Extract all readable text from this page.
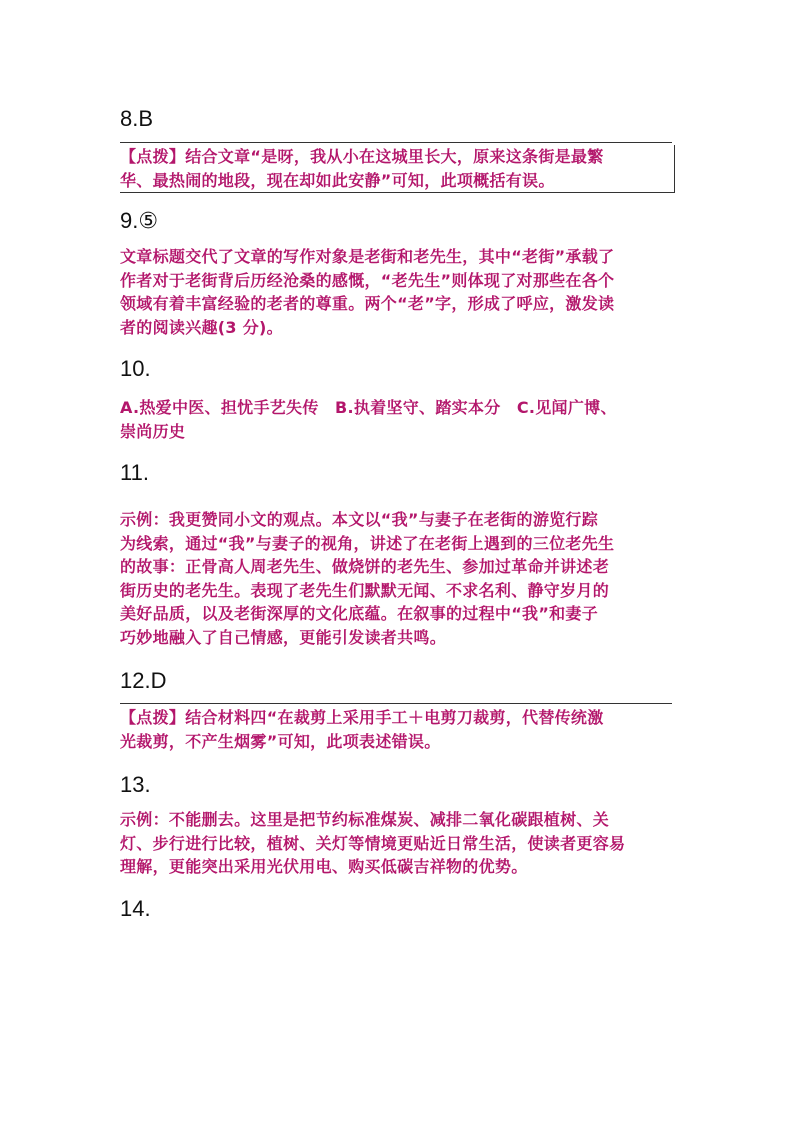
8.B

【点拨】结合文章“是呀，我从小在这城里长大，原来这条街是最繁

华、最热闹的地段，现在却如此安静”可知，此项概括有误。

9.⑤

文章标题交代了文章的写作对象是老街和老先生，其中“老街”承载了

作者对于老街背后历经沧桑的感慨，“老先生”则体现了对那些在各个

领域有着丰富经验的老者的尊重。两个“老”字，形成了呼应，激发读

者的阅读兴趣(3 分)。

10.

A.热爱中医、担忧手艺失传　B.执着坚守、踏实本分　C.见闻广博、

崇尚历史

11.

示例：我更赞同小文的观点。本文以“我”与妻子在老街的游览行踪

为线索，通过“我”与妻子的视角，讲述了在老街上遇到的三位老先生

的故事：正骨高人周老先生、做烧饼的老先生、参加过革命并讲述老

街历史的老先生。表现了老先生们默默无闻、不求名利、静守岁月的

美好品质，以及老街深厚的文化底蕴。在叙事的过程中“我”和妻子

巧妙地融入了自己情感，更能引发读者共鸣。

12.D

【点拨】结合材料四“在裁剪上采用手工＋电剪刀裁剪，代替传统激

光裁剪，不产生烟雾”可知，此项表述错误。

13.

示例：不能删去。这里是把节约标准煤炭、减排二氧化碳跟植树、关

灯、步行进行比较，植树、关灯等情境更贴近日常生活，使读者更容易

理解，更能突出采用光伏用电、购买低碳吉祥物的优势。

14.
